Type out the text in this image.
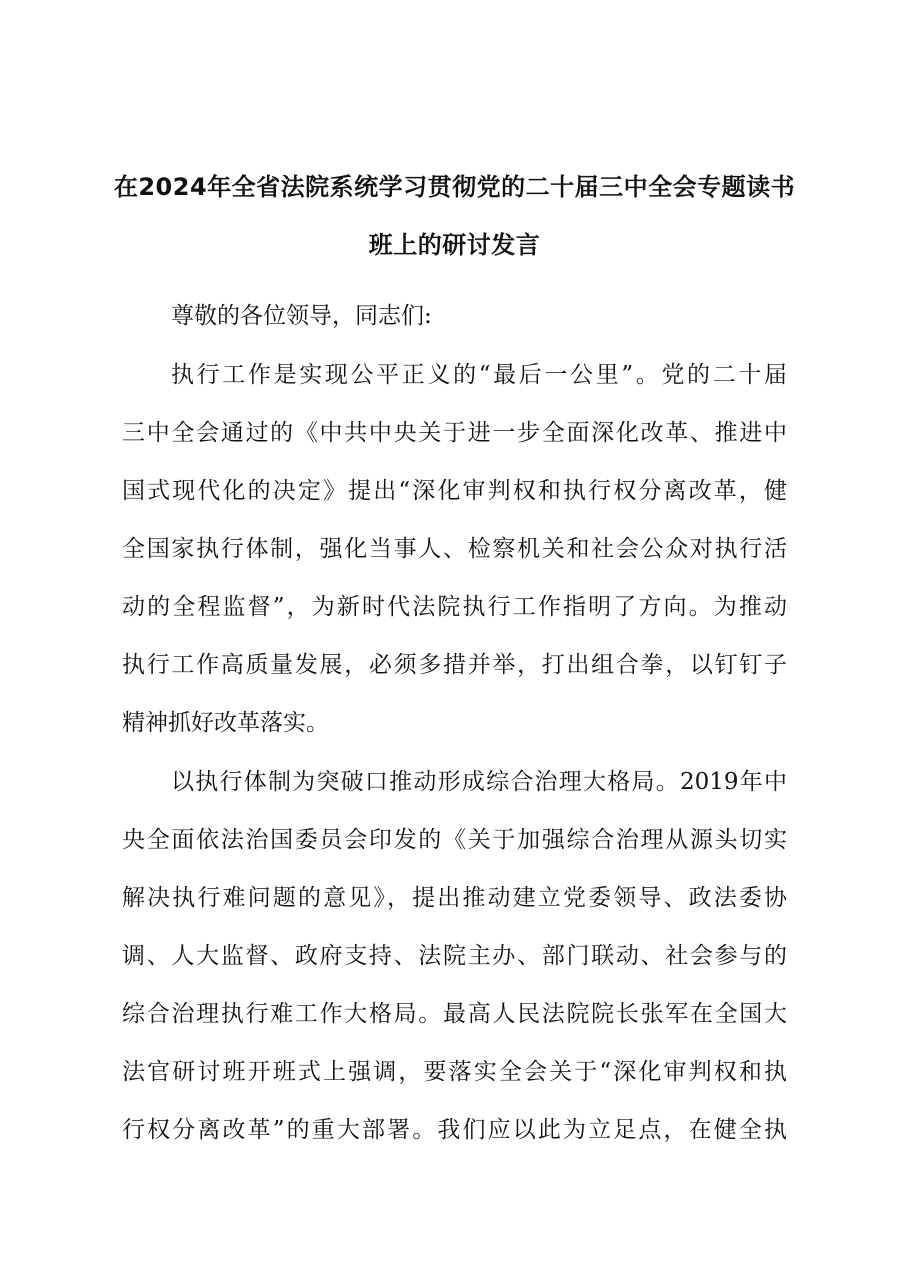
在2024年全省法院系统学习贯彻党的二十届三中全会专题读书
班上的研讨发言
尊敬的各位领导，同志们:
执行工作是实现公平正义的“最后一公里”。党的二十届
三中全会通过的《中共中央关于进一步全面深化改革、推进中
国式现代化的决定》提出“深化审判权和执行权分离改革，健
全国家执行体制，强化当事人、检察机关和社会公众对执行活
动的全程监督”，为新时代法院执行工作指明了方向。为推动
执行工作高质量发展，必须多措并举，打出组合拳，以钉钉子
精神抓好改革落实。
以执行体制为突破口推动形成综合治理大格局。2019年中
央全面依法治国委员会印发的《关于加强综合治理从源头切实
解决执行难问题的意见》，提出推动建立党委领导、政法委协
调、人大监督、政府支持、法院主办、部门联动、社会参与的
综合治理执行难工作大格局。最高人民法院院长张军在全国大
法官研讨班开班式上强调，要落实全会关于“深化审判权和执
行权分离改革”的重大部署。我们应以此为立足点，在健全执
